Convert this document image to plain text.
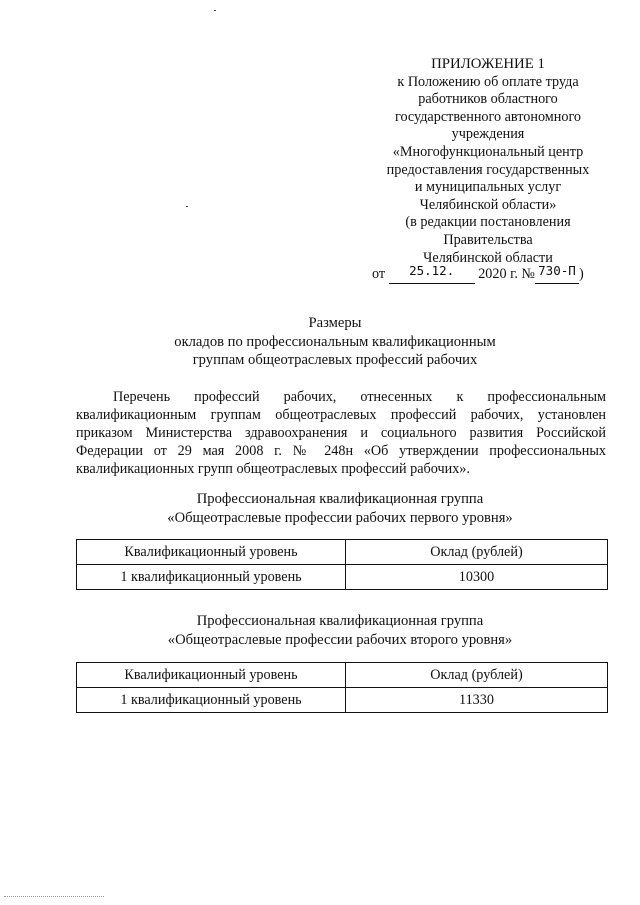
ПРИЛОЖЕНИЕ 1
к Положению об оплате труда
работников областного
государственного автономного
учреждения
«Многофункциональный центр
предоставления государственных
и муниципальных услуг
Челябинской области»
(в редакции постановления
Правительства
Челябинской области
от 25.12. 2020 г. № 730-П )
Размеры
окладов по профессиональным квалификационным
группам общеотраслевых профессий рабочих
Перечень профессий рабочих, отнесенных к профессиональным квалификационным группам общеотраслевых профессий рабочих, установлен приказом Министерства здравоохранения и социального развития Российской Федерации от 29 мая 2008 г. № 248н «Об утверждении профессиональных квалификационных групп общеотраслевых профессий рабочих».
Профессиональная квалификационная группа
«Общеотраслевые профессии рабочих первого уровня»
Квалификационный уровень	Оклад (рублей)
1 квалификационный уровень	10300
Профессиональная квалификационная группа
«Общеотраслевые профессии рабочих второго уровня»
Квалификационный уровень	Оклад (рублей)
1 квалификационный уровень	11330
